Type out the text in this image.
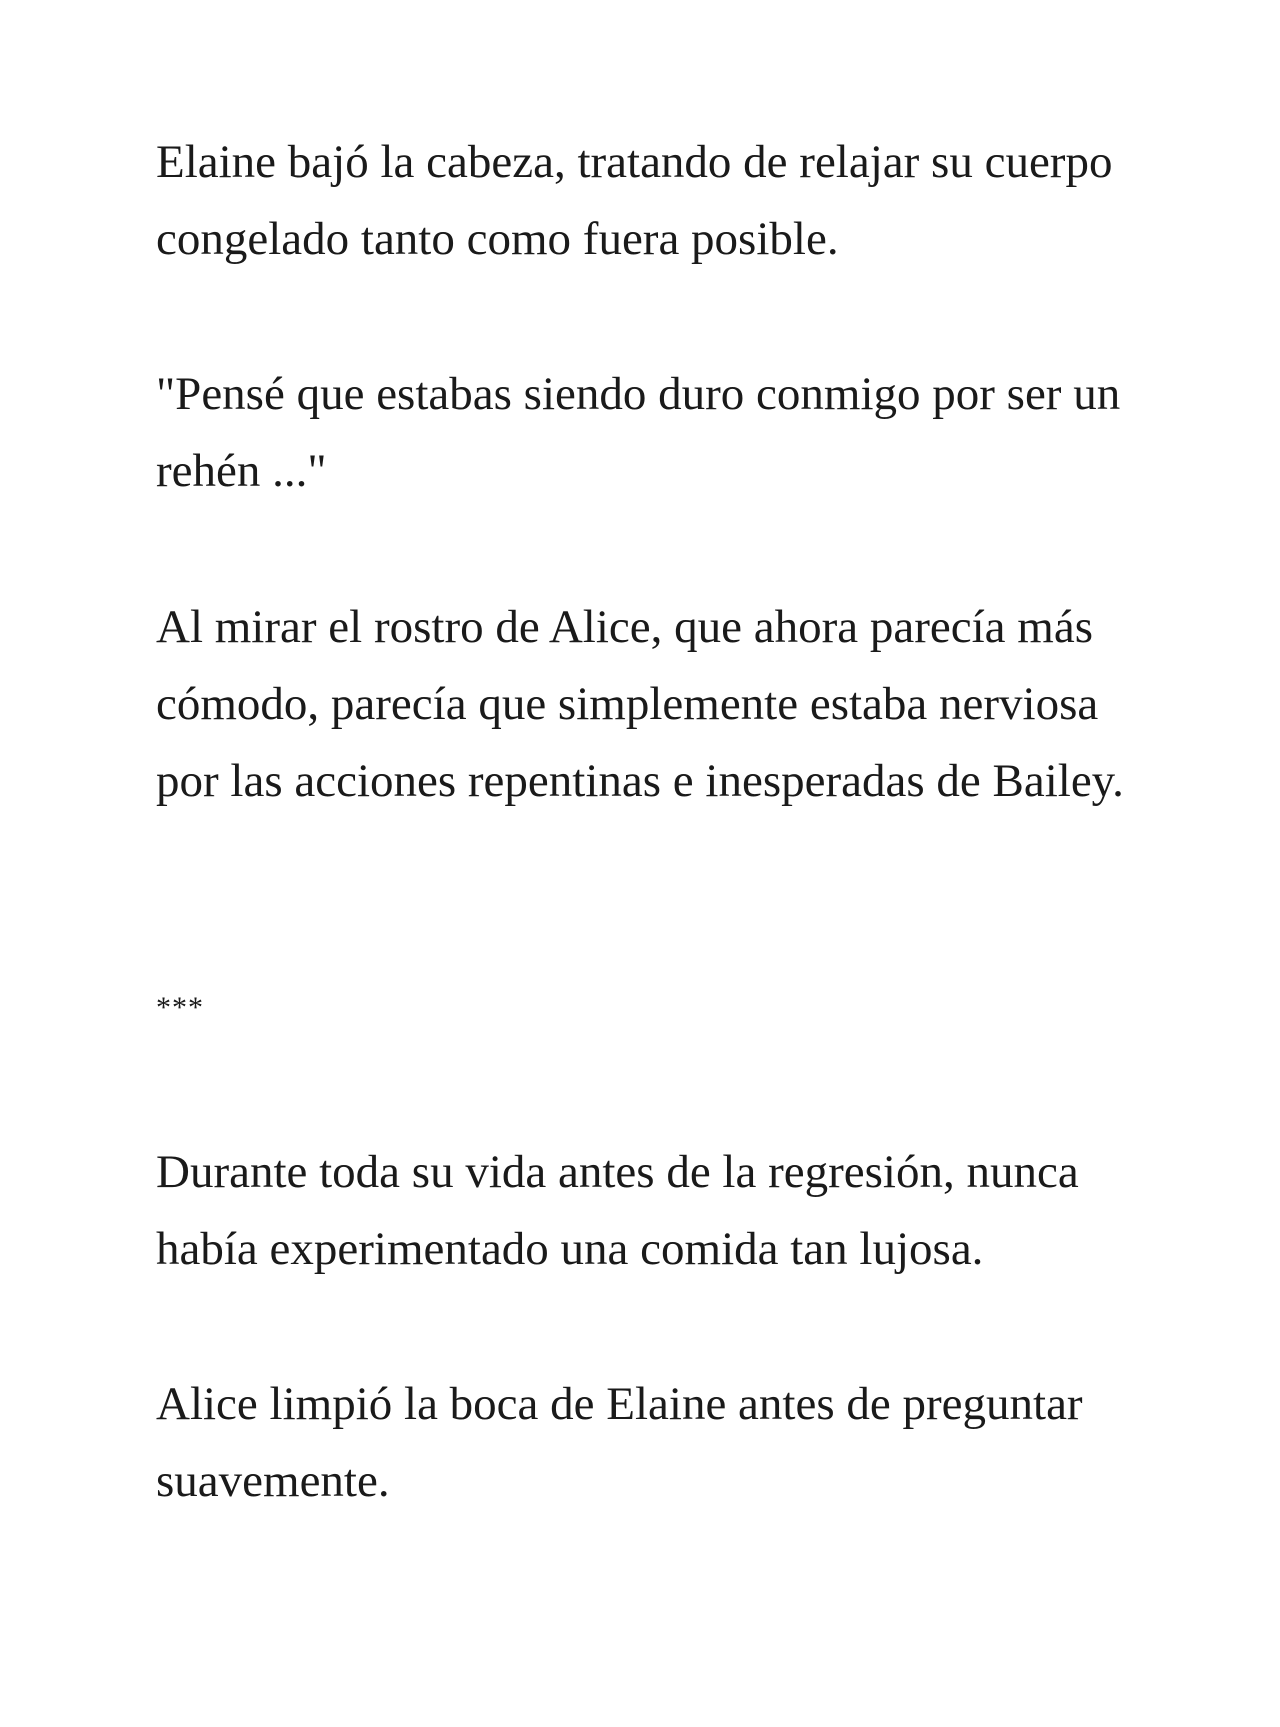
Elaine bajó la cabeza, tratando de relajar su cuerpo congelado tanto como fuera posible.

"Pensé que estabas siendo duro conmigo por ser un rehén ..."

Al mirar el rostro de Alice, que ahora parecía más cómodo, parecía que simplemente estaba nerviosa por las acciones repentinas e inesperadas de Bailey.

***

Durante toda su vida antes de la regresión, nunca había experimentado una comida tan lujosa.

Alice limpió la boca de Elaine antes de preguntar suavemente.
